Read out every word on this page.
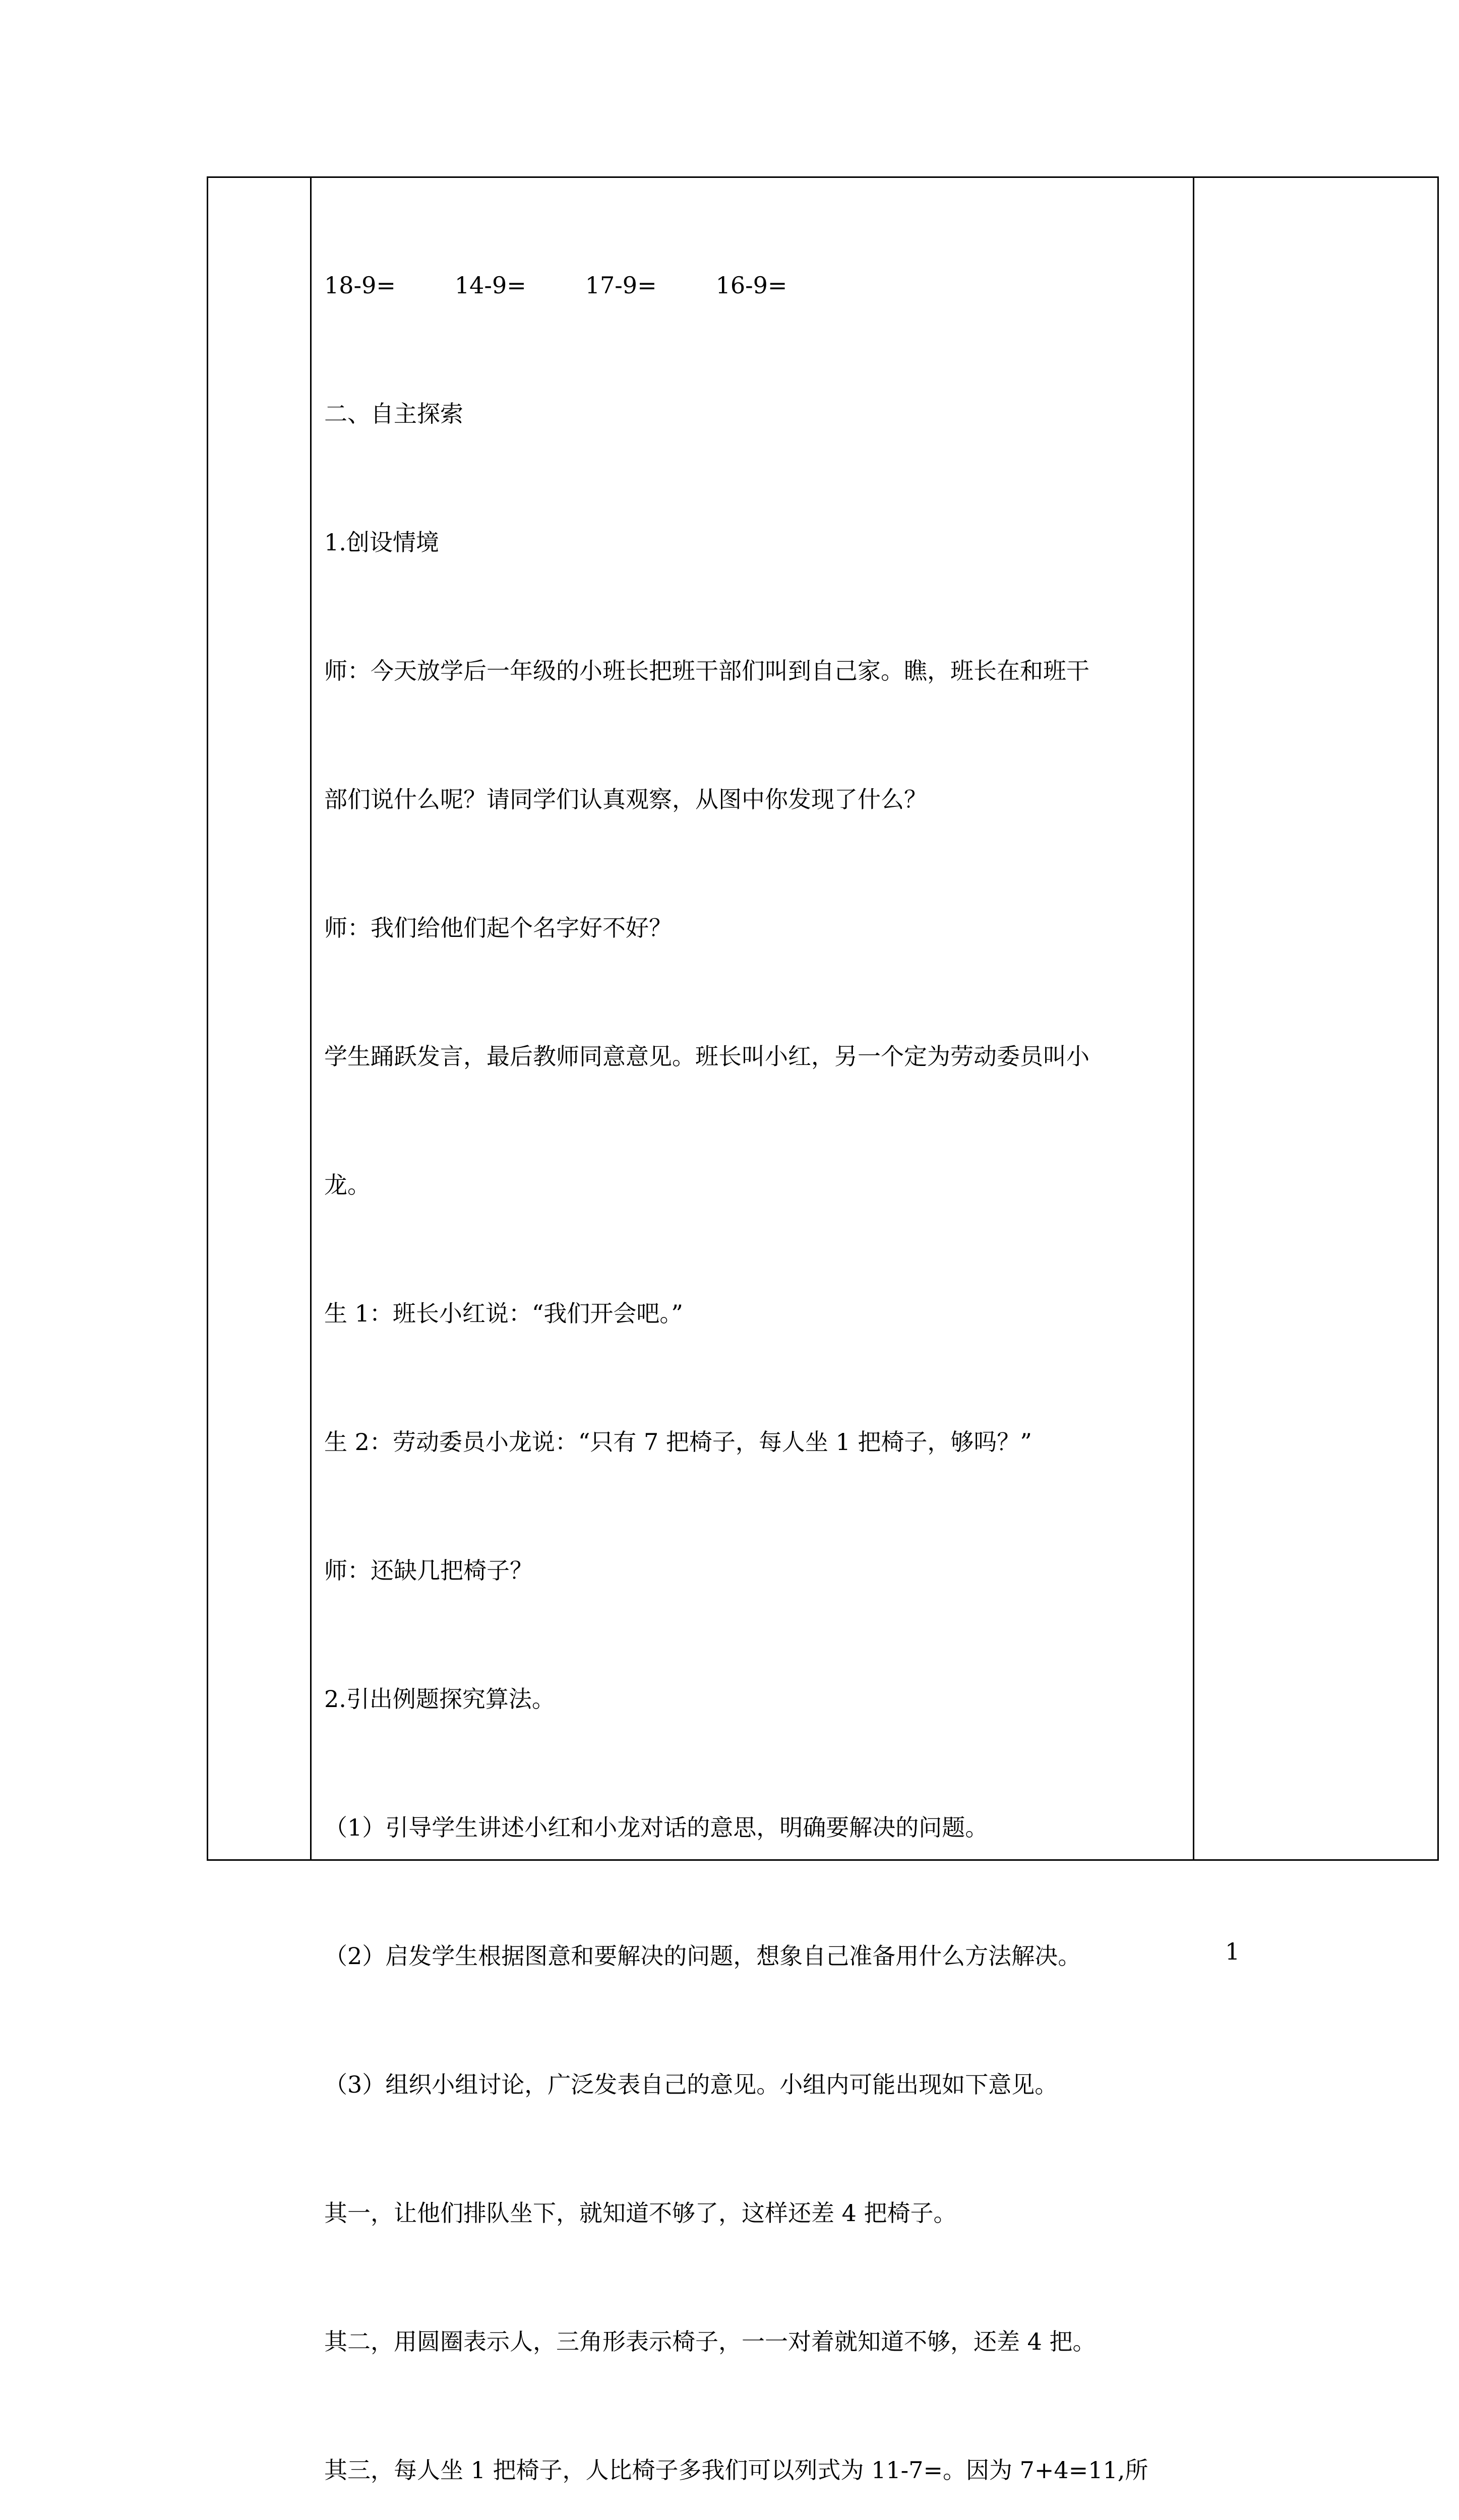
18-9=        14-9=        17-9=        16-9=

二、自主探索

1.创设情境

师：今天放学后一年级的小班长把班干部们叫到自己家。瞧，班长在和班干

部们说什么呢？请同学们认真观察，从图中你发现了什么？

师：我们给他们起个名字好不好？

学生踊跃发言，最后教师同意意见。班长叫小红，另一个定为劳动委员叫小

龙。

生 1：班长小红说：“我们开会吧。”

生 2：劳动委员小龙说：“只有 7 把椅子，每人坐 1 把椅子，够吗？”

师：还缺几把椅子？

2.引出例题探究算法。

（1）引导学生讲述小红和小龙对话的意思，明确要解决的问题。

（2）启发学生根据图意和要解决的问题，想象自己准备用什么方法解决。

（3）组织小组讨论，广泛发表自己的意见。小组内可能出现如下意见。

其一，让他们排队坐下，就知道不够了，这样还差 4 把椅子。

其二，用圆圈表示人，三角形表示椅子，一一对着就知道不够，还差 4 把。

其三，每人坐 1 把椅子，人比椅子多我们可以列式为 11-7=。因为 7+4=11,所

1
